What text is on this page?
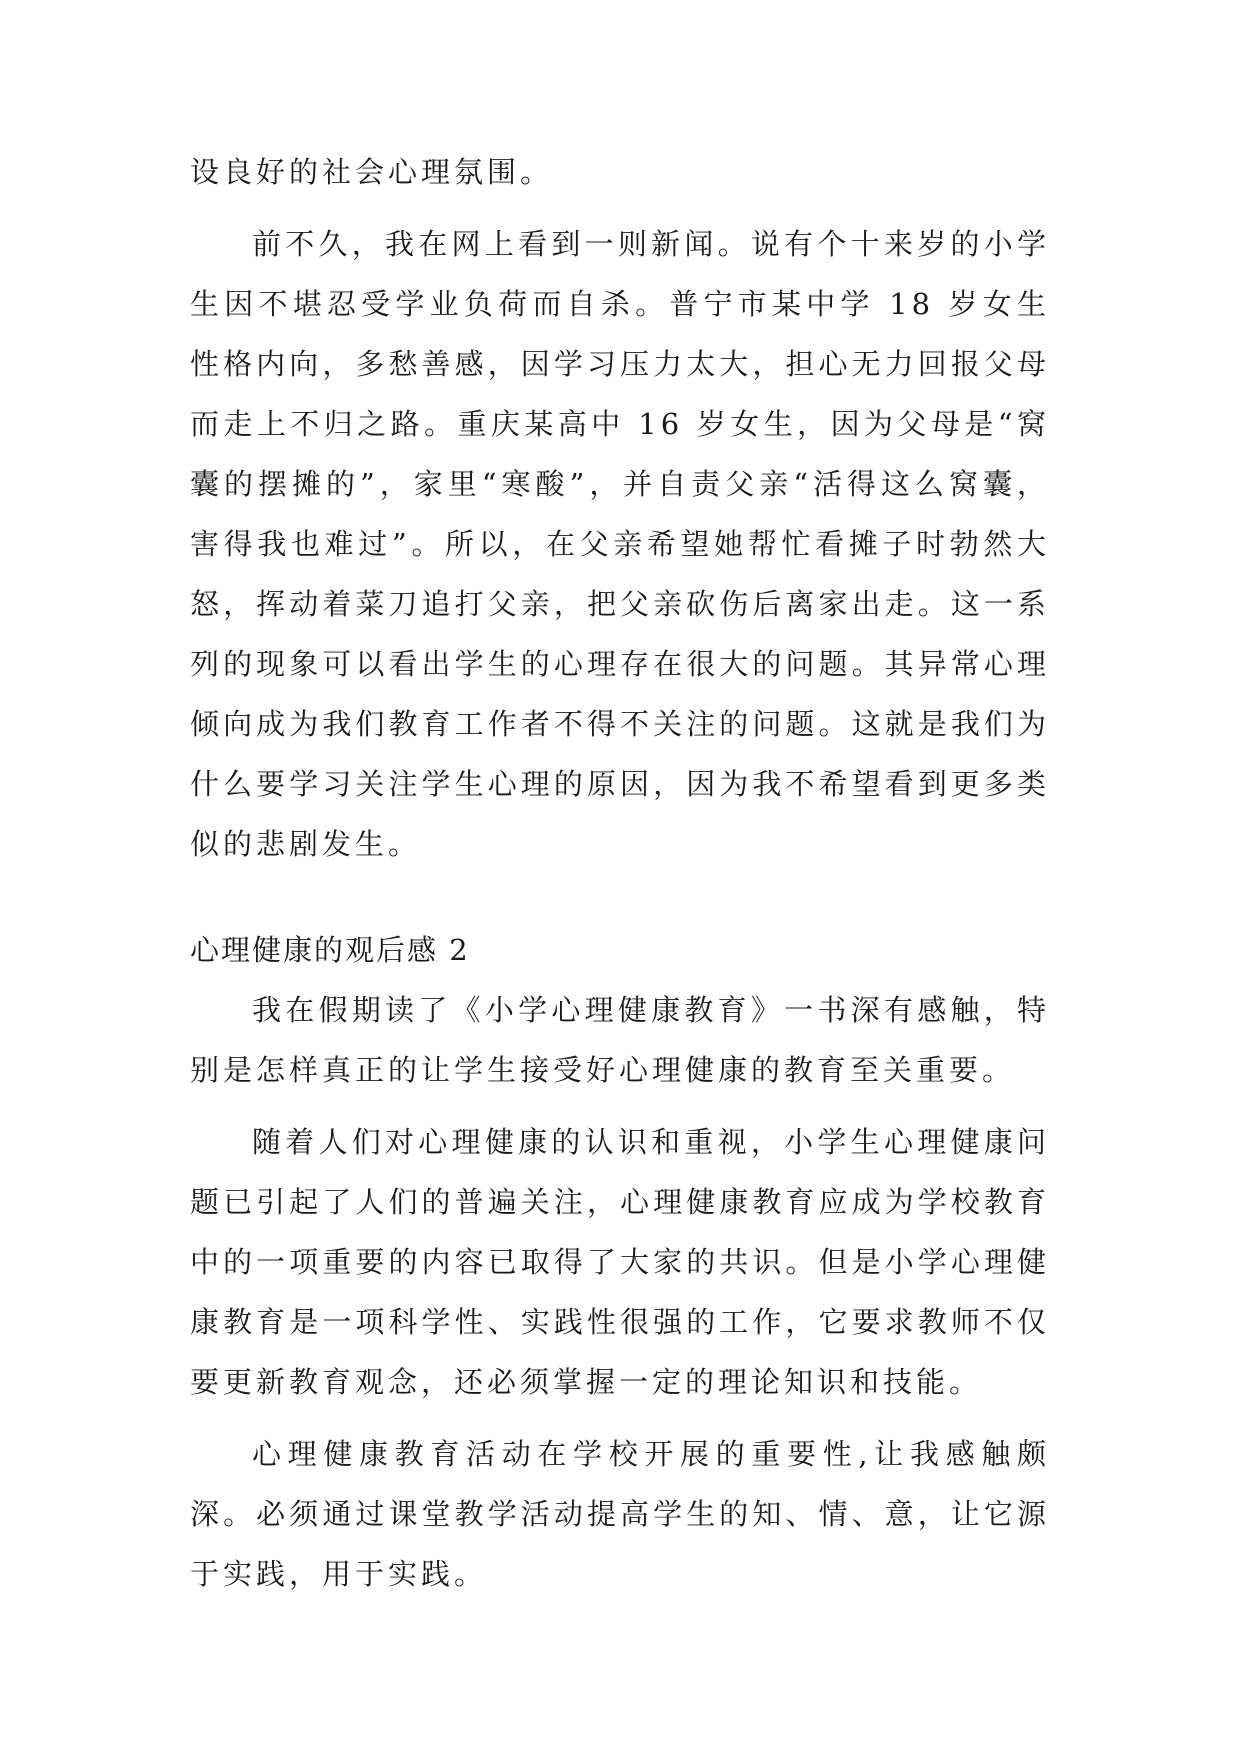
设良好的社会心理氛围。

前不久，我在网上看到一则新闻。说有个十来岁的小学生因不堪忍受学业负荷而自杀。普宁市某中学 18 岁女生性格内向，多愁善感，因学习压力太大，担心无力回报父母而走上不归之路。重庆某高中 16 岁女生，因为父母是“窝囊的摆摊的”，家里“寒酸”，并自责父亲“活得这么窝囊，害得我也难过”。所以，在父亲希望她帮忙看摊子时勃然大怒，挥动着菜刀追打父亲，把父亲砍伤后离家出走。这一系列的现象可以看出学生的心理存在很大的问题。其异常心理倾向成为我们教育工作者不得不关注的问题。这就是我们为什么要学习关注学生心理的原因，因为我不希望看到更多类似的悲剧发生。

心理健康的观后感 2

我在假期读了《小学心理健康教育》一书深有感触，特别是怎样真正的让学生接受好心理健康的教育至关重要。

随着人们对心理健康的认识和重视，小学生心理健康问题已引起了人们的普遍关注，心理健康教育应成为学校教育中的一项重要的内容已取得了大家的共识。但是小学心理健康教育是一项科学性、实践性很强的工作，它要求教师不仅要更新教育观念，还必须掌握一定的理论知识和技能。

心理健康教育活动在学校开展的重要性,让我感触颇深。必须通过课堂教学活动提高学生的知、情、意，让它源于实践，用于实践。
